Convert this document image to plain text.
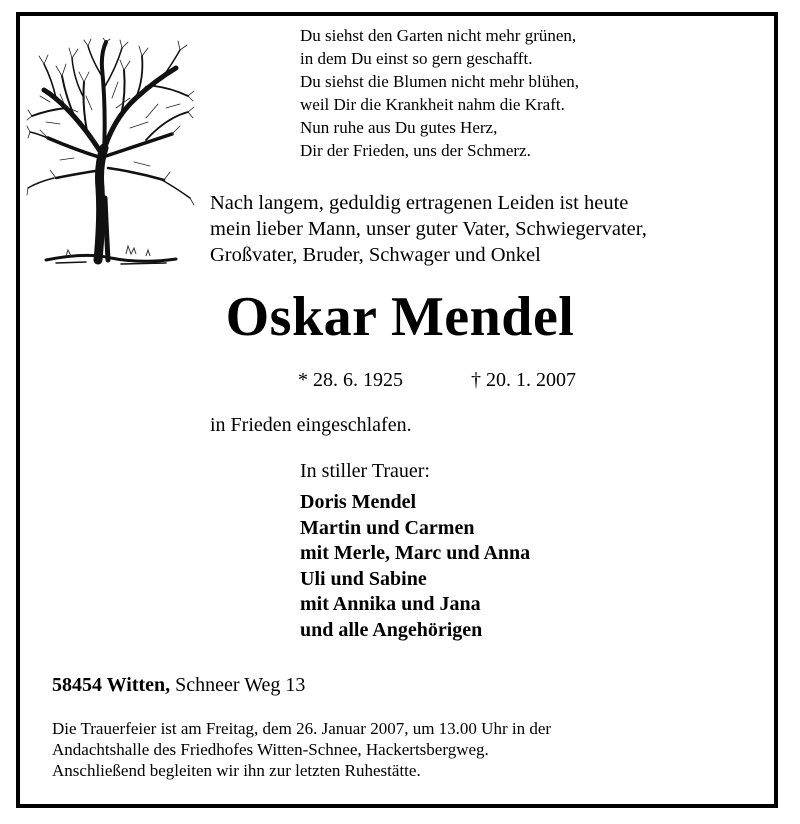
Du siehst den Garten nicht mehr grünen,
in dem Du einst so gern geschafft.
Du siehst die Blumen nicht mehr blühen,
weil Dir die Krankheit nahm die Kraft.
Nun ruhe aus Du gutes Herz,
Dir der Frieden, uns der Schmerz.
Nach langem, geduldig ertragenen Leiden ist heute
mein lieber Mann, unser guter Vater, Schwiegervater,
Großvater, Bruder, Schwager und Onkel
Oskar Mendel
* 28. 6. 1925	† 20. 1. 2007
in Frieden eingeschlafen.
In stiller Trauer:
Doris Mendel
Martin und Carmen
mit Merle, Marc und Anna
Uli und Sabine
mit Annika und Jana
und alle Angehörigen
58454 Witten, Schneer Weg 13
Die Trauerfeier ist am Freitag, dem 26. Januar 2007, um 13.00 Uhr in der
Andachtshalle des Friedhofes Witten-Schnee, Hackertsbergweg.
Anschließend begleiten wir ihn zur letzten Ruhestätte.
